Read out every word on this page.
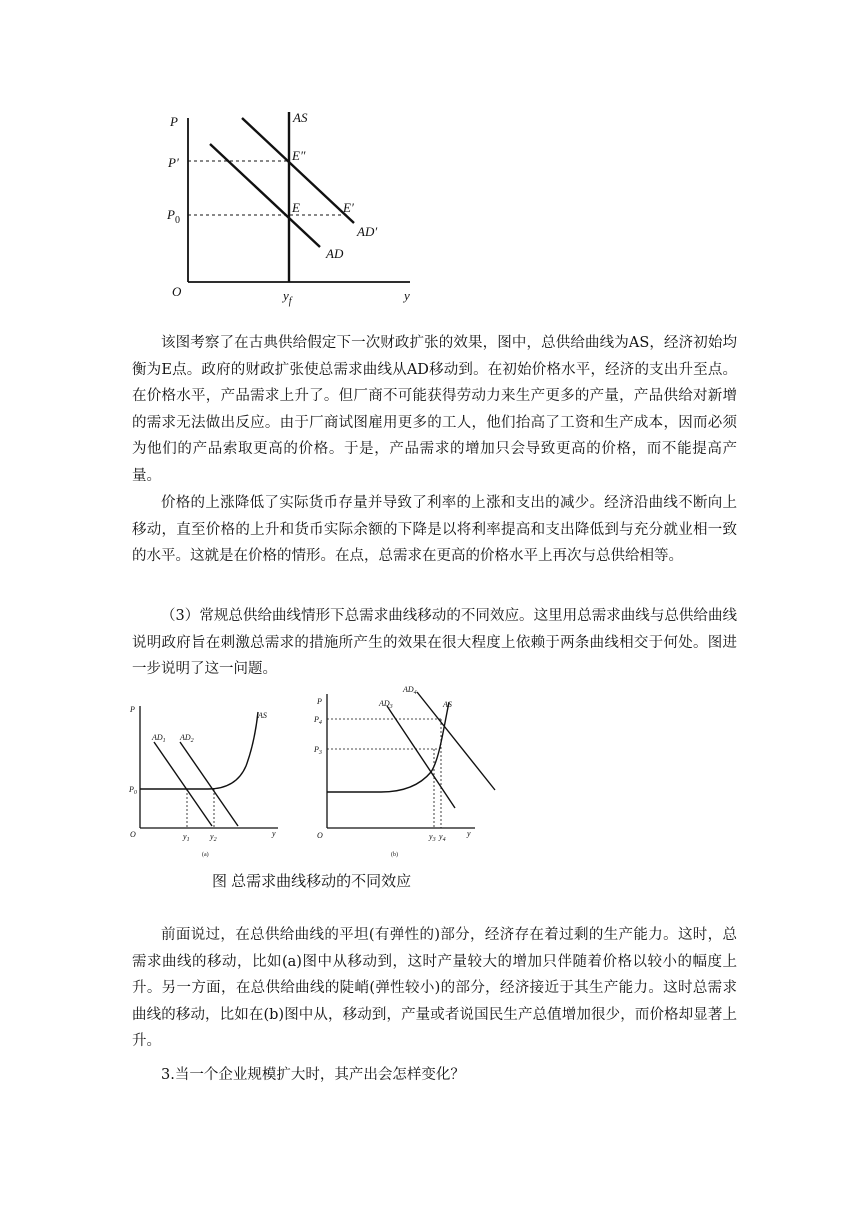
P	AS
P′	E″
$P_0$
E	E′
AD′
AD
O	$y_f$	y

该图考察了在古典供给假定下一次财政扩张的效果，图中，总供给曲线为AS，经济初始均衡为E点。政府的财政扩张使总需求曲线从AD移动到。在初始价格水平，经济的支出升至点。在价格水平，产品需求上升了。但厂商不可能获得劳动力来生产更多的产量，产品供给对新增的需求无法做出反应。由于厂商试图雇用更多的工人，他们抬高了工资和生产成本，因而必须为他们的产品索取更高的价格。于是，产品需求的增加只会导致更高的价格，而不能提高产量。

价格的上涨降低了实际货币存量并导致了利率的上涨和支出的减少。经济沿曲线不断向上移动，直至价格的上升和货币实际余额的下降是以将利率提高和支出降低到与充分就业相一致的水平。这就是在价格的情形。在点，总需求在更高的价格水平上再次与总供给相等。

（3）常规总供给曲线情形下总需求曲线移动的不同效应。这里用总需求曲线与总供给曲线说明政府旨在刺激总需求的措施所产生的效果在很大程度上依赖于两条曲线相交于何处。图进一步说明了这一问题。

P
AS
$AD_1$ $AD_2$
$P_0$
O	$y_1$	$y_2$
y
(a)
P
$AD_4$
$AD_3$	AS
$P_4$
$P_3$
O	$y_3$ $y_4$
y
(b)
图 总需求曲线移动的不同效应

前面说过，在总供给曲线的平坦(有弹性的)部分，经济存在着过剩的生产能力。这时，总需求曲线的移动，比如(a)图中从移动到，这时产量较大的增加只伴随着价格以较小的幅度上升。另一方面，在总供给曲线的陡峭(弹性较小)的部分，经济接近于其生产能力。这时总需求曲线的移动，比如在(b)图中从，移动到，产量或者说国民生产总值增加很少，而价格却显著上升。

3.当一个企业规模扩大时，其产出会怎样变化？
